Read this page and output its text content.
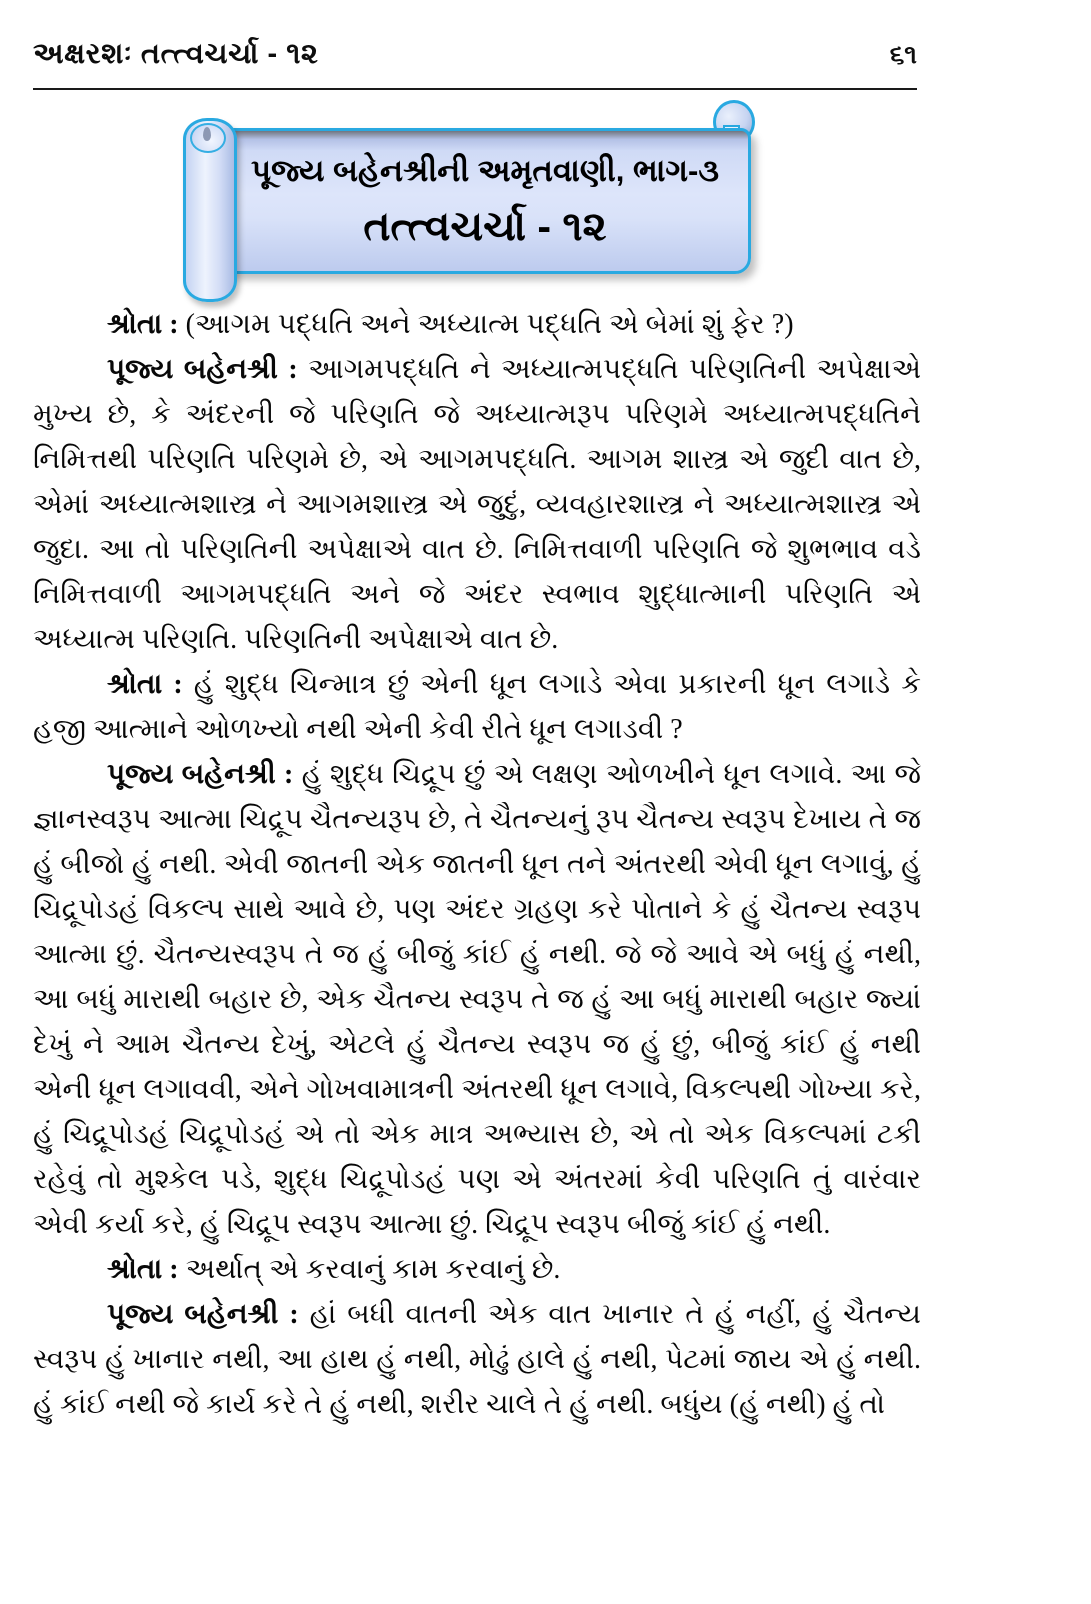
અક્ષરશઃ તત્ત્વચર્ચા - ૧૨	૬૧
પૂજ્ય બહેનશ્રીની અમૃતવાણી, ભાગ-૩
તત્ત્વચર્ચા - ૧૨

શ્રોતા : (આગમ પદ્ધતિ અને અધ્યાત્મ પદ્ધતિ એ બેમાં શું ફેર ?)

પૂજ્ય બહેનશ્રી : આગમપદ્ધતિ ને અધ્યાત્મપદ્ધતિ પરિણતિની અપેક્ષાએ મુખ્ય છે, કે અંદરની જે પરિણતિ જે અધ્યાત્મરૂપ પરિણમે અધ્યાત્મપદ્ધતિને નિમિત્તથી પરિણતિ પરિણમે છે, એ આગમપદ્ધતિ. આગમ શાસ્ત્ર એ જુદી વાત છે, એમાં અધ્યાત્મશાસ્ત્ર ને આગમશાસ્ત્ર એ જુદું, વ્યવહારશાસ્ત્ર ને અધ્યાત્મશાસ્ત્ર એ જુદા. આ તો પરિણતિની અપેક્ષાએ વાત છે. નિમિત્તવાળી પરિણતિ જે શુભભાવ વડે નિમિત્તવાળી આગમપદ્ધતિ અને જે અંદર સ્વભાવ શુદ્ધાત્માની પરિણતિ એ અધ્યાત્મ પરિણતિ. પરિણતિની અપેક્ષાએ વાત છે.

શ્રોતા : હું શુદ્ધ ચિન્માત્ર છું એની ધૂન લગાડે એવા પ્રકારની ધૂન લગાડે કે હજી આત્માને ઓળખ્યો નથી એની કેવી રીતે ધૂન લગાડવી ?

પૂજ્ય બહેનશ્રી : હું શુદ્ધ ચિદ્રૂપ છું એ લક્ષણ ઓળખીને ધૂન લગાવે. આ જે જ્ઞાનસ્વરૂપ આત્મા ચિદ્રૂપ ચૈતન્યરૂપ છે, તે ચૈતન્યનું રૂપ ચૈતન્ય સ્વરૂપ દેખાય તે જ હું બીજો હું નથી. એવી જાતની એક જાતની ધૂન તને અંતરથી એવી ધૂન લગાવું, હું ચિદ્રૂપોડહં વિકલ્પ સાથે આવે છે, પણ અંદર ગ્રહણ કરે પોતાને કે હું ચૈતન્ય સ્વરૂપ આત્મા છું. ચૈતન્યસ્વરૂપ તે જ હું બીજું કાંઈ હું નથી. જે જે આવે એ બધું હું નથી, આ બધું મારાથી બહાર છે, એક ચૈતન્ય સ્વરૂપ તે જ હું આ બધું મારાથી બહાર જ્યાં દેખું ને આમ ચૈતન્ય દેખું, એટલે હું ચૈતન્ય સ્વરૂપ જ હું છું, બીજું કાંઈ હું નથી એની ધૂન લગાવવી, એને ગોખવામાત્રની અંતરથી ધૂન લગાવે, વિકલ્પથી ગોખ્યા કરે, હું ચિદ્રૂપોડહં ચિદ્રૂપોડહં એ તો એક માત્ર અભ્યાસ છે, એ તો એક વિકલ્પમાં ટકી રહેવું તો મુશ્કેલ પડે, શુદ્ધ ચિદ્રૂપોડહં પણ એ અંતરમાં કેવી પરિણતિ તું વારંવાર એવી કર્યા કરે, હું ચિદ્રૂપ સ્વરૂપ આત્મા છું. ચિદ્રૂપ સ્વરૂપ બીજું કાંઈ હું નથી.

શ્રોતા : અર્થાત્ એ કરવાનું કામ કરવાનું છે.

પૂજ્ય બહેનશ્રી : હાં બધી વાતની એક વાત ખાનાર તે હું નહીં, હું ચૈતન્ય સ્વરૂપ હું ખાનાર નથી, આ હાથ હું નથી, મોઢું હાલે હું નથી, પેટમાં જાય એ હું નથી. હું કાંઈ નથી જે કાર્ય કરે તે હું નથી, શરીર ચાલે તે હું નથી. બધુંય (હું નથી) હું તો
